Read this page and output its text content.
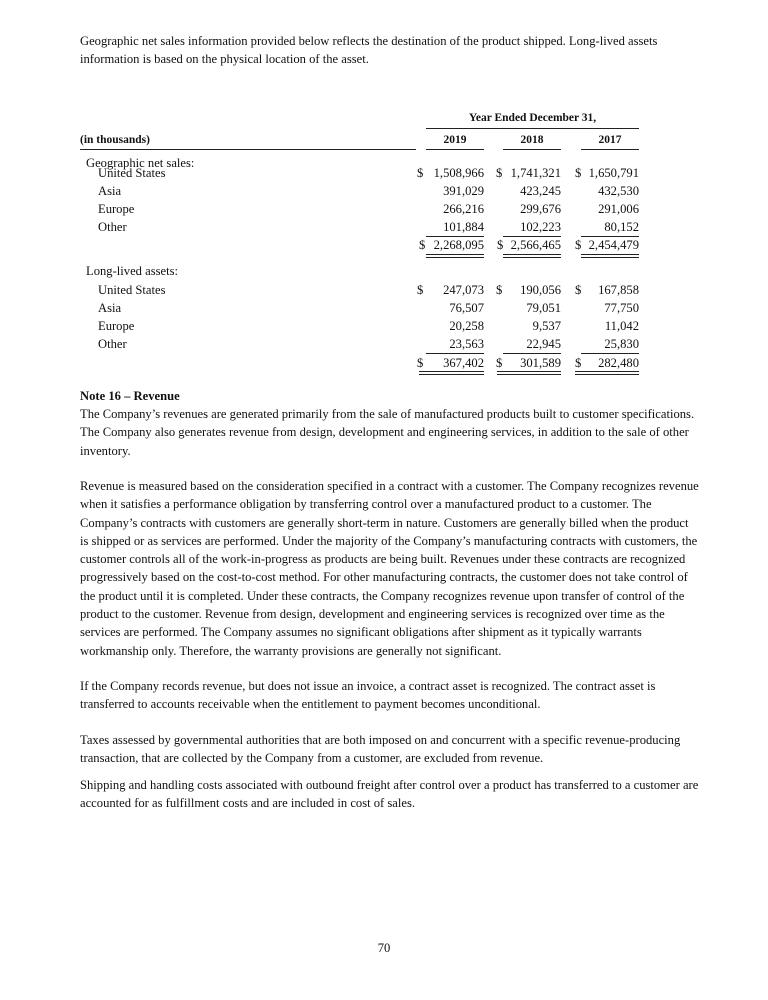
Geographic net sales information provided below reflects the destination of the product shipped. Long-lived assets information is based on the physical location of the asset.

Year Ended December 31,
(in thousands)	2019	2018	2017
Geographic net sales:
United States	$ 1,508,966 $ 1,741,321 $ 1,650,791
Asia	391,029	423,245	432,530
Europe	266,216	299,676	291,006
Other	101,884	102,223	80,152
$ 2,268,095 $ 2,566,465 $ 2,454,479
Long-lived assets:
United States	$	247,073 $	190,056 $	167,858
Asia	76,507	79,051	77,750
Europe	20,258	9,537	11,042
Other	23,563	22,945	25,830
$	367,402 $	301,589 $	282,480
Note 16 – Revenue

The Company’s revenues are generated primarily from the sale of manufactured products built to customer specifications. The Company also generates revenue from design, development and engineering services, in addition to the sale of other inventory.

Revenue is measured based on the consideration specified in a contract with a customer. The Company recognizes revenue when it satisfies a performance obligation by transferring control over a manufactured product to a customer. The Company’s contracts with customers are generally short-term in nature. Customers are generally billed when the product is shipped or as services are performed. Under the majority of the Company’s manufacturing contracts with customers, the customer controls all of the work-in-progress as products are being built. Revenues under these contracts are recognized progressively based on the cost-to-cost method. For other manufacturing contracts, the customer does not take control of the product until it is completed. Under these contracts, the Company recognizes revenue upon transfer of control of the product to the customer. Revenue from design, development and engineering services is recognized over time as the services are performed. The Company assumes no significant obligations after shipment as it typically warrants workmanship only. Therefore, the warranty provisions are generally not significant.

If the Company records revenue, but does not issue an invoice, a contract asset is recognized. The contract asset is transferred to accounts receivable when the entitlement to payment becomes unconditional.

Taxes assessed by governmental authorities that are both imposed on and concurrent with a specific revenue-producing transaction, that are collected by the Company from a customer, are excluded from revenue.

Shipping and handling costs associated with outbound freight after control over a product has transferred to a customer are accounted for as fulfillment costs and are included in cost of sales.

70
